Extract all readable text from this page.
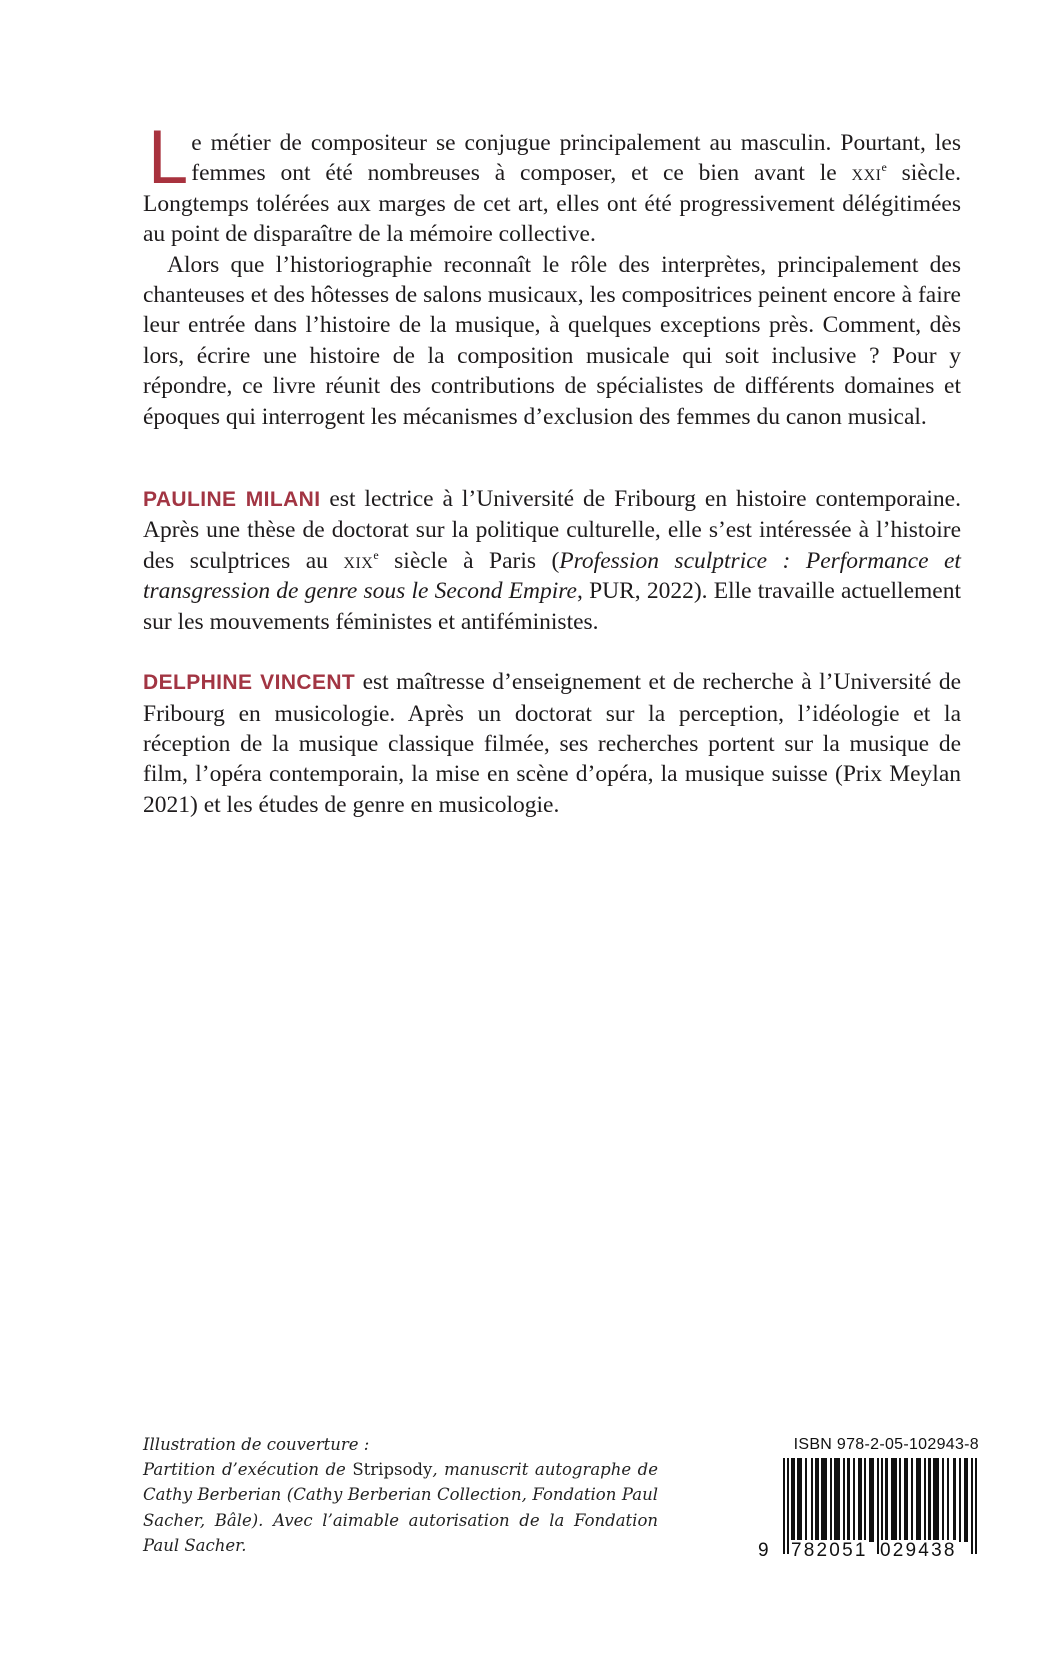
Le métier de compositeur se conjugue principalement au masculin. Pourtant, les femmes ont été nombreuses à composer, et ce bien avant le xxi$^e$ siècle. Longtemps tolérées aux marges de cet art, elles ont été progressivement délégitimées au point de disparaître de la mémoire collective.

Alors que l’historiographie reconnaît le rôle des interprètes, principalement des chanteuses et des hôtesses de salons musicaux, les compositrices peinent encore à faire leur entrée dans l’histoire de la musique, à quelques exceptions près. Comment, dès lors, écrire une histoire de la composition musicale qui soit inclusive ? Pour y répondre, ce livre réunit des contributions de spécialistes de différents domaines et époques qui interrogent les mécanismes d’exclusion des femmes du canon musical.

PAULINE MILANI est lectrice à l’Université de Fribourg en histoire contemporaine. Après une thèse de doctorat sur la politique culturelle, elle s’est intéressée à l’histoire des sculptrices au xix$^e$ siècle à Paris (Profession sculptrice : Performance et transgression de genre sous le Second Empire, PUR, 2022). Elle travaille actuellement sur les mouvements féministes et antiféministes.

DELPHINE VINCENT est maîtresse d’enseignement et de recherche à l’Université de Fribourg en musicologie. Après un doctorat sur la perception, l’idéologie et la réception de la musique classique filmée, ses recherches portent sur la musique de film, l’opéra contemporain, la mise en scène d’opéra, la musique suisse (Prix Meylan 2021) et les études de genre en musicologie.

Illustration de couverture :
Partition d’exécution de Stripsody, manuscrit autographe de Cathy Berberian (Cathy Berberian Collection, Fondation Paul Sacher, Bâle). Avec l’aimable autorisation de la Fondation Paul Sacher.
ISBN 978-2-05-102943-8
9 782051 029438
